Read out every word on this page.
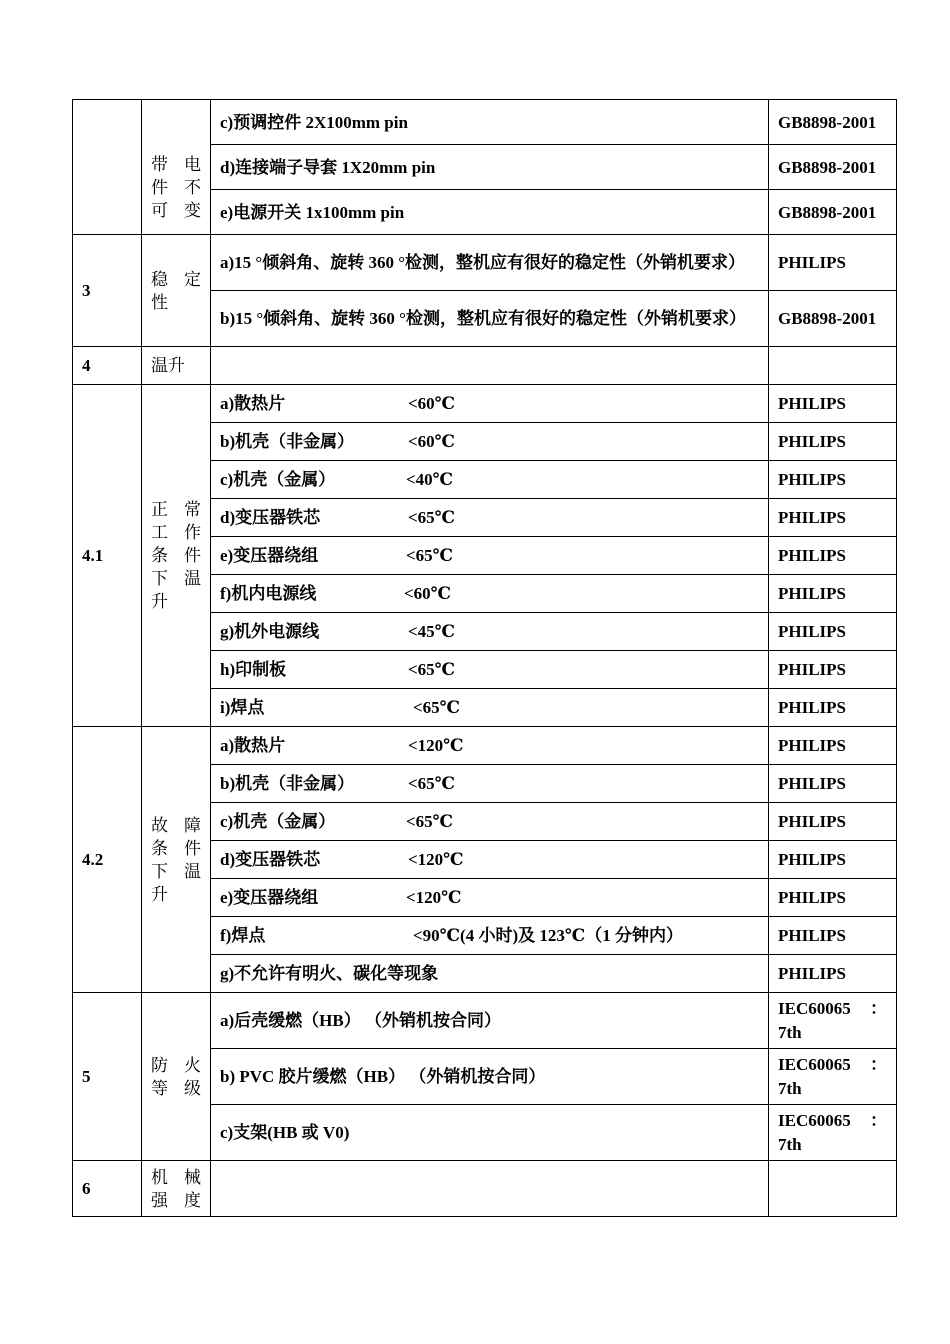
	带 电 件 不 可 变	c)预调控件 2X100mm pin	GB8898-2001
		d)连接端子导套 1X20mm pin	GB8898-2001
		e)电源开关 1x100mm pin	GB8898-2001
3	稳 定 性	a)15 °倾斜角、旋转 360 °检测，整机应有很好的稳定性（外销机要求）	PHILIPS
		b)15 °倾斜角、旋转 360 °检测，整机应有很好的稳定性（外销机要求）	GB8898-2001
4	温升		
4.1	正 常 工 作 条 件 下 温 升	a)散热片 <60℃	PHILIPS
		b)机壳（非金属） <60℃	PHILIPS
		c)机壳（金属） <40℃	PHILIPS
		d)变压器铁芯 <65℃	PHILIPS
		e)变压器绕组 <65℃	PHILIPS
		f)机内电源线 <60℃	PHILIPS
		g)机外电源线 <45℃	PHILIPS
		h)印制板 <65℃	PHILIPS
		i)焊点 <65℃	PHILIPS
4.2	故 障 条 件 下 温 升	a)散热片 <120℃	PHILIPS
		b)机壳（非金属） <65℃	PHILIPS
		c)机壳（金属） <65℃	PHILIPS
		d)变压器铁芯 <120℃	PHILIPS
		e)变压器绕组 <120℃	PHILIPS
		f)焊点 <90℃(4 小时)及 123℃（1 分钟内）	PHILIPS
		g)不允许有明火、碳化等现象	PHILIPS
5	防 火 等级	a)后壳缓燃（HB） （外销机按合同）	IEC60065 ：7th
		b) PVC 胶片缓燃（HB） （外销机按合同）	IEC60065 ：7th
		c)支架(HB 或 V0)	IEC60065 ：7th
6	机 械 强 度		
